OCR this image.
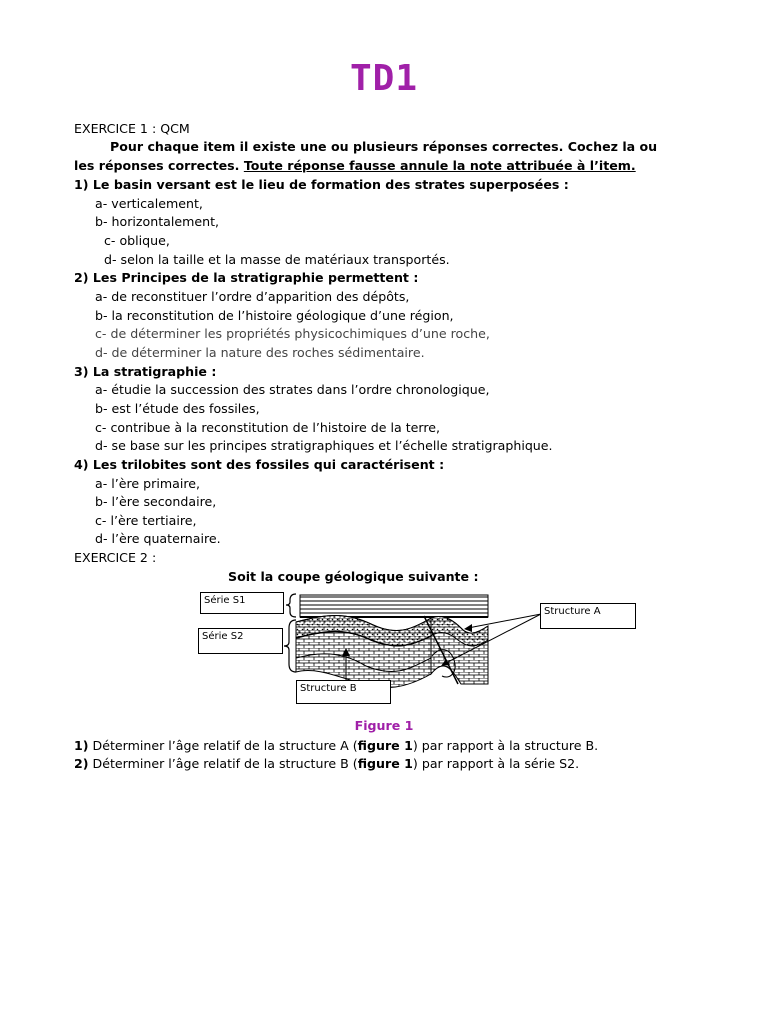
TD1
EXERCICE 1 : QCM
Pour chaque item il existe une ou plusieurs réponses correctes. Cochez la ou
les réponses correctes. Toute réponse fausse annule la note attribuée à l’item.
1) Le basin versant est le lieu de formation des strates superposées :
a- verticalement,
b- horizontalement,
c- oblique,
d- selon la taille et la masse de matériaux transportés.
2) Les Principes de la stratigraphie permettent :
a- de reconstituer l’ordre d’apparition des dépôts,
b- la reconstitution de l’histoire géologique d’une région,
c- de déterminer les propriétés physicochimiques d’une roche,
d- de déterminer la nature des roches sédimentaire.
3) La stratigraphie :
a- étudie la succession des strates dans l’ordre chronologique,
b- est l’étude des fossiles,
c- contribue à la reconstitution de l’histoire de la terre,
d- se base sur les principes stratigraphiques et l’échelle stratigraphique.
4) Les trilobites sont des fossiles qui caractérisent :
a- l’ère primaire,
b- l’ère secondaire,
c- l’ère tertiaire,
d- l’ère quaternaire.
EXERCICE 2 :
Soit la coupe géologique suivante :
Série S1
Série S2
Structure A
Structure B
Figure 1
1) Déterminer l’âge relatif de la structure A (figure 1) par rapport à la structure B.
2) Déterminer l’âge relatif de la structure B (figure 1) par rapport à la série S2.
